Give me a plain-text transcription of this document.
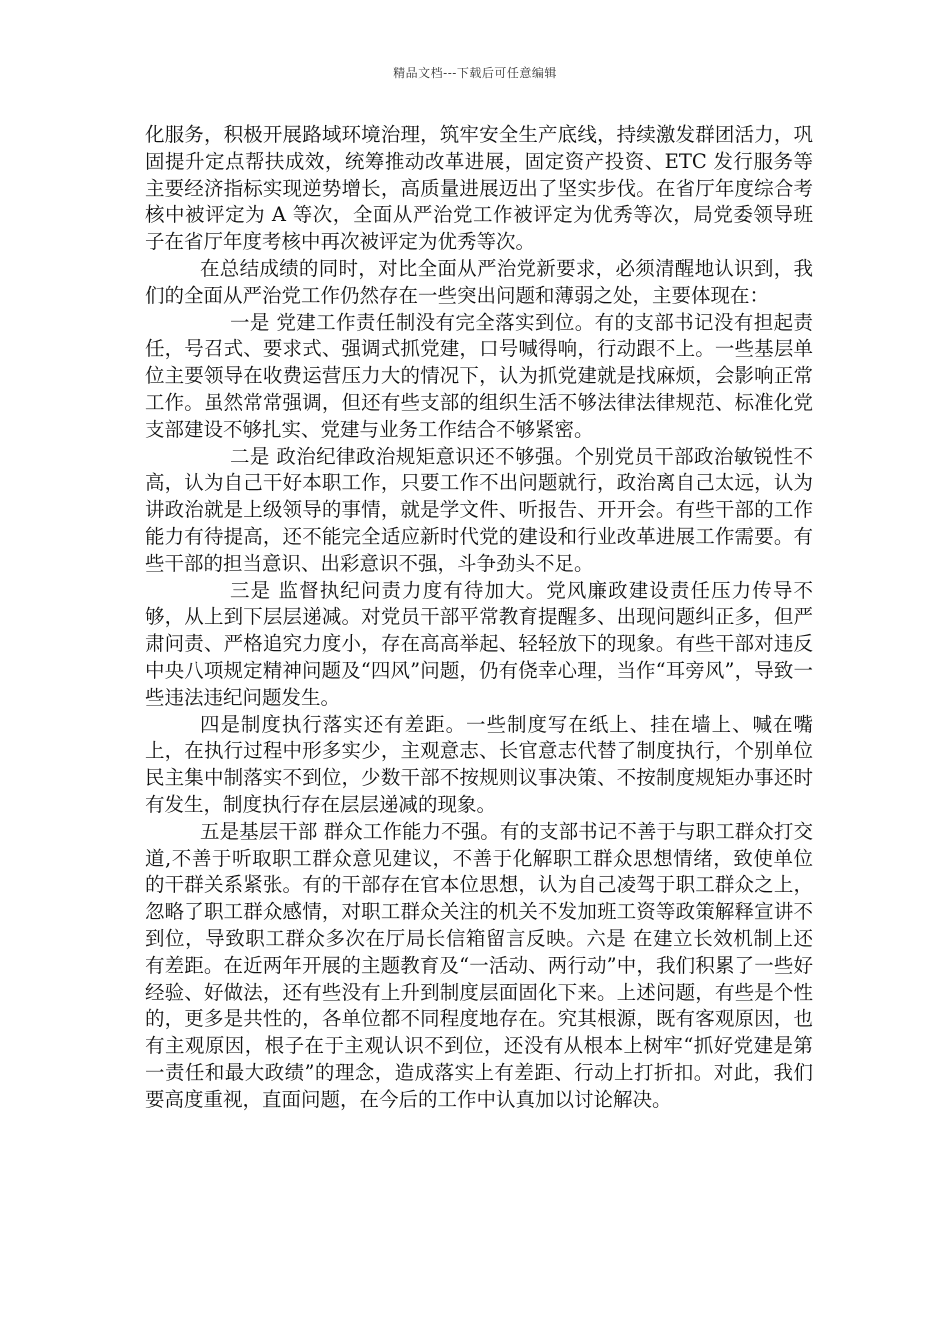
精品文档---下载后可任意编辑

化服务，积极开展路域环境治理，筑牢安全生产底线，持续激发群团活力，巩固提升定点帮扶成效，统筹推动改革进展，固定资产投资、ETC 发行服务等主要经济指标实现逆势增长，高质量进展迈出了坚实步伐。在省厅年度综合考核中被评定为 A 等次，全面从严治党工作被评定为优秀等次，局党委领导班子在省厅年度考核中再次被评定为优秀等次。

在总结成绩的同时，对比全面从严治党新要求，必须清醒地认识到，我们的全面从严治党工作仍然存在一些突出问题和薄弱之处，主要体现在：

一是 党建工作责任制没有完全落实到位。有的支部书记没有担起责任，号召式、要求式、强调式抓党建，口号喊得响，行动跟不上。一些基层单位主要领导在收费运营压力大的情况下，认为抓党建就是找麻烦，会影响正常工作。虽然常常强调，但还有些支部的组织生活不够法律法律规范、标准化党支部建设不够扎实、党建与业务工作结合不够紧密。

二是 政治纪律政治规矩意识还不够强。个别党员干部政治敏锐性不高，认为自己干好本职工作，只要工作不出问题就行，政治离自己太远，认为讲政治就是上级领导的事情，就是学文件、听报告、开开会。有些干部的工作能力有待提高，还不能完全适应新时代党的建设和行业改革进展工作需要。有些干部的担当意识、出彩意识不强，斗争劲头不足。

三是 监督执纪问责力度有待加大。党风廉政建设责任压力传导不够，从上到下层层递减。对党员干部平常教育提醒多、出现问题纠正多，但严肃问责、严格追究力度小，存在高高举起、轻轻放下的现象。有些干部对违反中央八项规定精神问题及“四风”问题，仍有侥幸心理，当作“耳旁风”，导致一些违法违纪问题发生。

四是制度执行落实还有差距。一些制度写在纸上、挂在墙上、喊在嘴上，在执行过程中形多实少，主观意志、长官意志代替了制度执行，个别单位民主集中制落实不到位，少数干部不按规则议事决策、不按制度规矩办事还时有发生，制度执行存在层层递减的现象。

五是基层干部 群众工作能力不强。有的支部书记不善于与职工群众打交道,不善于听取职工群众意见建议，不善于化解职工群众思想情绪，致使单位的干群关系紧张。有的干部存在官本位思想，认为自己凌驾于职工群众之上，忽略了职工群众感情，对职工群众关注的机关不发加班工资等政策解释宣讲不到位，导致职工群众多次在厅局长信箱留言反映。六是 在建立长效机制上还有差距。在近两年开展的主题教育及“一活动、两行动”中，我们积累了一些好经验、好做法，还有些没有上升到制度层面固化下来。上述问题，有些是个性的，更多是共性的，各单位都不同程度地存在。究其根源，既有客观原因，也有主观原因，根子在于主观认识不到位，还没有从根本上树牢“抓好党建是第一责任和最大政绩”的理念，造成落实上有差距、行动上打折扣。对此，我们要高度重视，直面问题，在今后的工作中认真加以讨论解决。
